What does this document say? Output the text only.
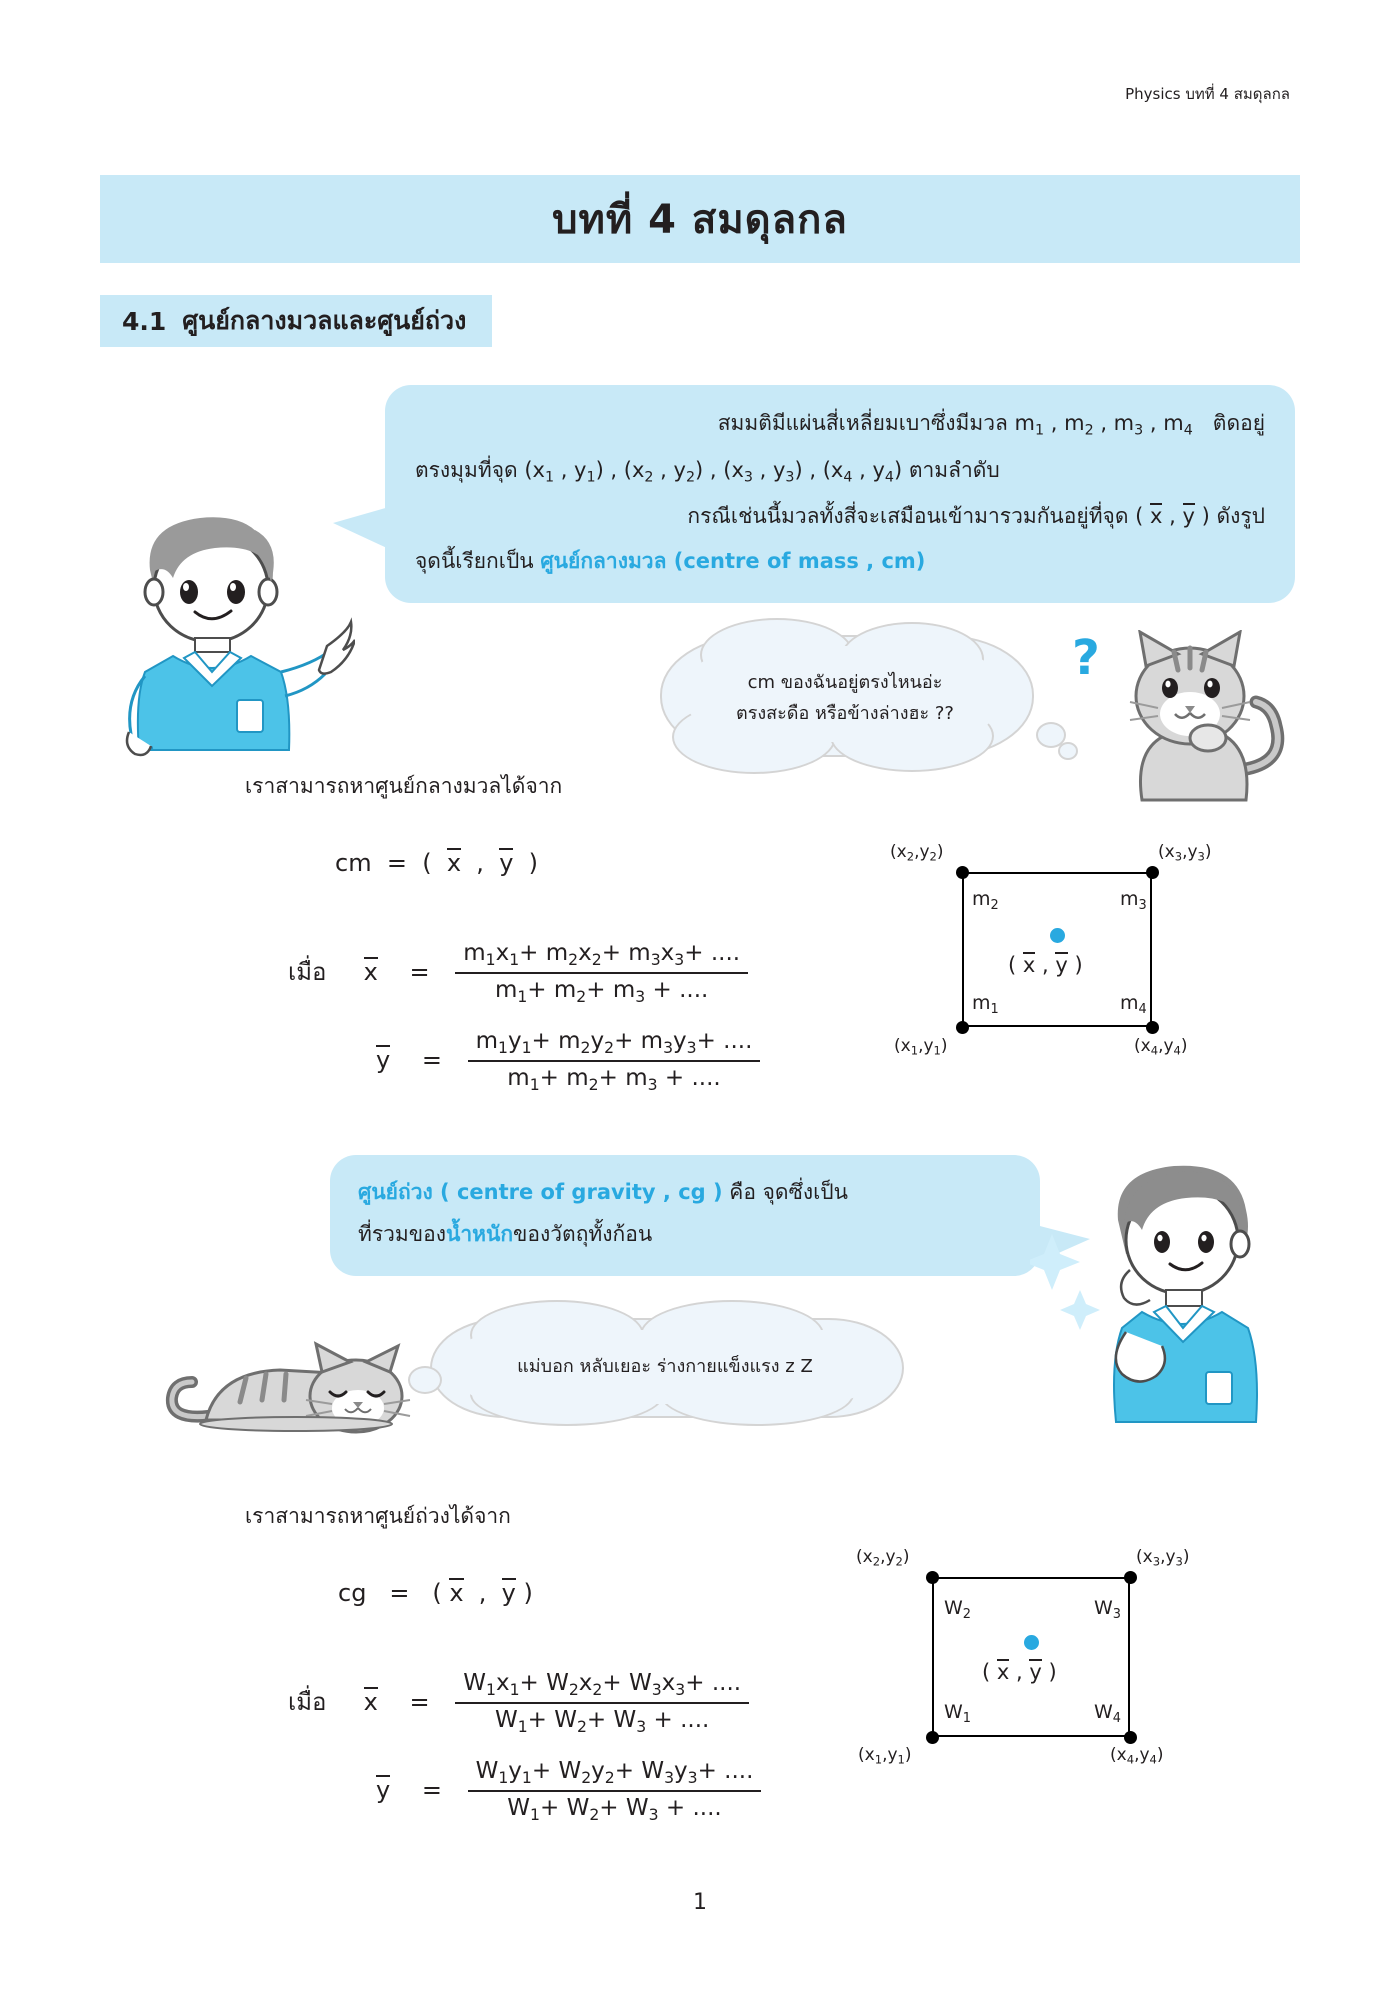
Physics บทที่ 4 สมดุลกล
บทที่ 4 สมดุลกล
4.1 ศูนย์กลางมวลและศูนย์ถ่วง

สมมติมีแผ่นสี่เหลี่ยมเบาซึ่งมีมวล $m_1$ , $m_2$ , $m_3$ , $m_4$   ติดอยู่

ตรงมุมที่จุด ($x_1$ , $y_1$) , ($x_2$ , $y_2$) , ($x_3$ , $y_3$) , ($x_4$ , $y_4$) ตามลำดับ

กรณีเช่นนี้มวลทั้งสี่จะเสมือนเข้ามารวมกันอยู่ที่จุด ( x , y ) ดังรูป

จุดนี้เรียกเป็น ศูนย์กลางมวล (centre of mass , cm)

cm ของฉันอยู่ตรงไหนอ่ะ
ตรงสะดือ หรือข้างล่างฮะ ??
?
เราสามารถหาศูนย์กลางมวลได้จาก
cm  =  (  x  ,  y  )
เมื่อ $x = \frac{m_1x_1+ m_2x_2+ m_3x_3+ ....}{m_1+ m_2+ m_3 + ....}$
$y = \frac{m_1y_1+ m_2y_2+ m_3y_3+ ....}{m_1+ m_2+ m_3 + ....}$
$(x_2,y_2)$	$(x_3,y_3)$
$(x_1,y_1)$	$(x_4,y_4)$
$m_2$	$m_3$
$m_1$	$m_4$
( x , y )

ศูนย์ถ่วง ( centre of gravity , cg ) คือ จุดซึ่งเป็น

ที่รวมของน้ำหนักของวัตถุทั้งก้อน

แม่บอก หลับเยอะ ร่างกายแข็งแรง z Z
เราสามารถหาศูนย์ถ่วงได้จาก
cg   =   ( x  ,  y )
เมื่อ $x = \frac{W_1x_1+ W_2x_2+ W_3x_3+ ....}{W_1+ W_2+ W_3 + ....}$
$y = \frac{W_1y_1+ W_2y_2+ W_3y_3+ ....}{W_1+ W_2+ W_3 + ....}$
$(x_2,y_2)$	$(x_3,y_3)$
$(x_1,y_1)$	$(x_4,y_4)$
$W_2$	$W_3$
$W_1$	$W_4$
( x , y )
1
